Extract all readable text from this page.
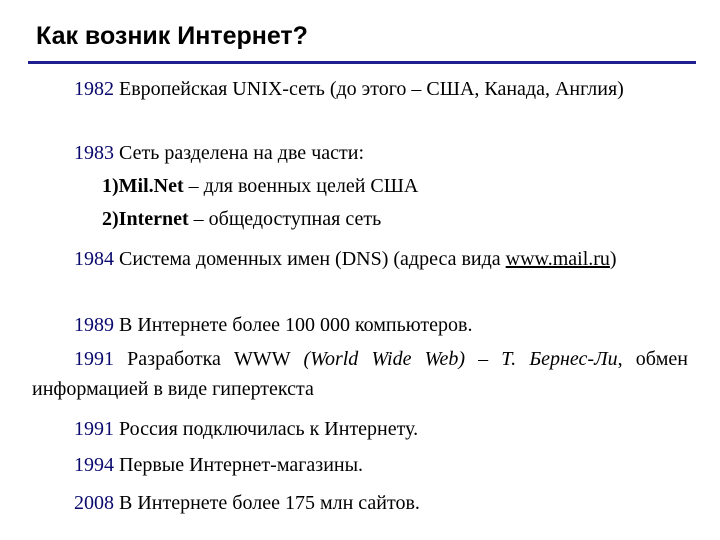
Как возник Интернет?

1982 Европейская UNIX-сеть (до этого – США, Канада, Англия)

1983 Сеть разделена на две части:

1)Mil.Net – для военных целей США

2)Internet – общедоступная сеть

1984 Система доменных имен (DNS) (адреса вида www.mail.ru)

1989 В Интернете более 100 000 компьютеров.

1991 Разработка WWW (World Wide Web) – Т. Бернес-Ли, обмен информацией в виде гипертекста

1991 Россия подключилась к Интернету.

1994 Первые Интернет-магазины.

2008 В Интернете более 175 млн сайтов.
